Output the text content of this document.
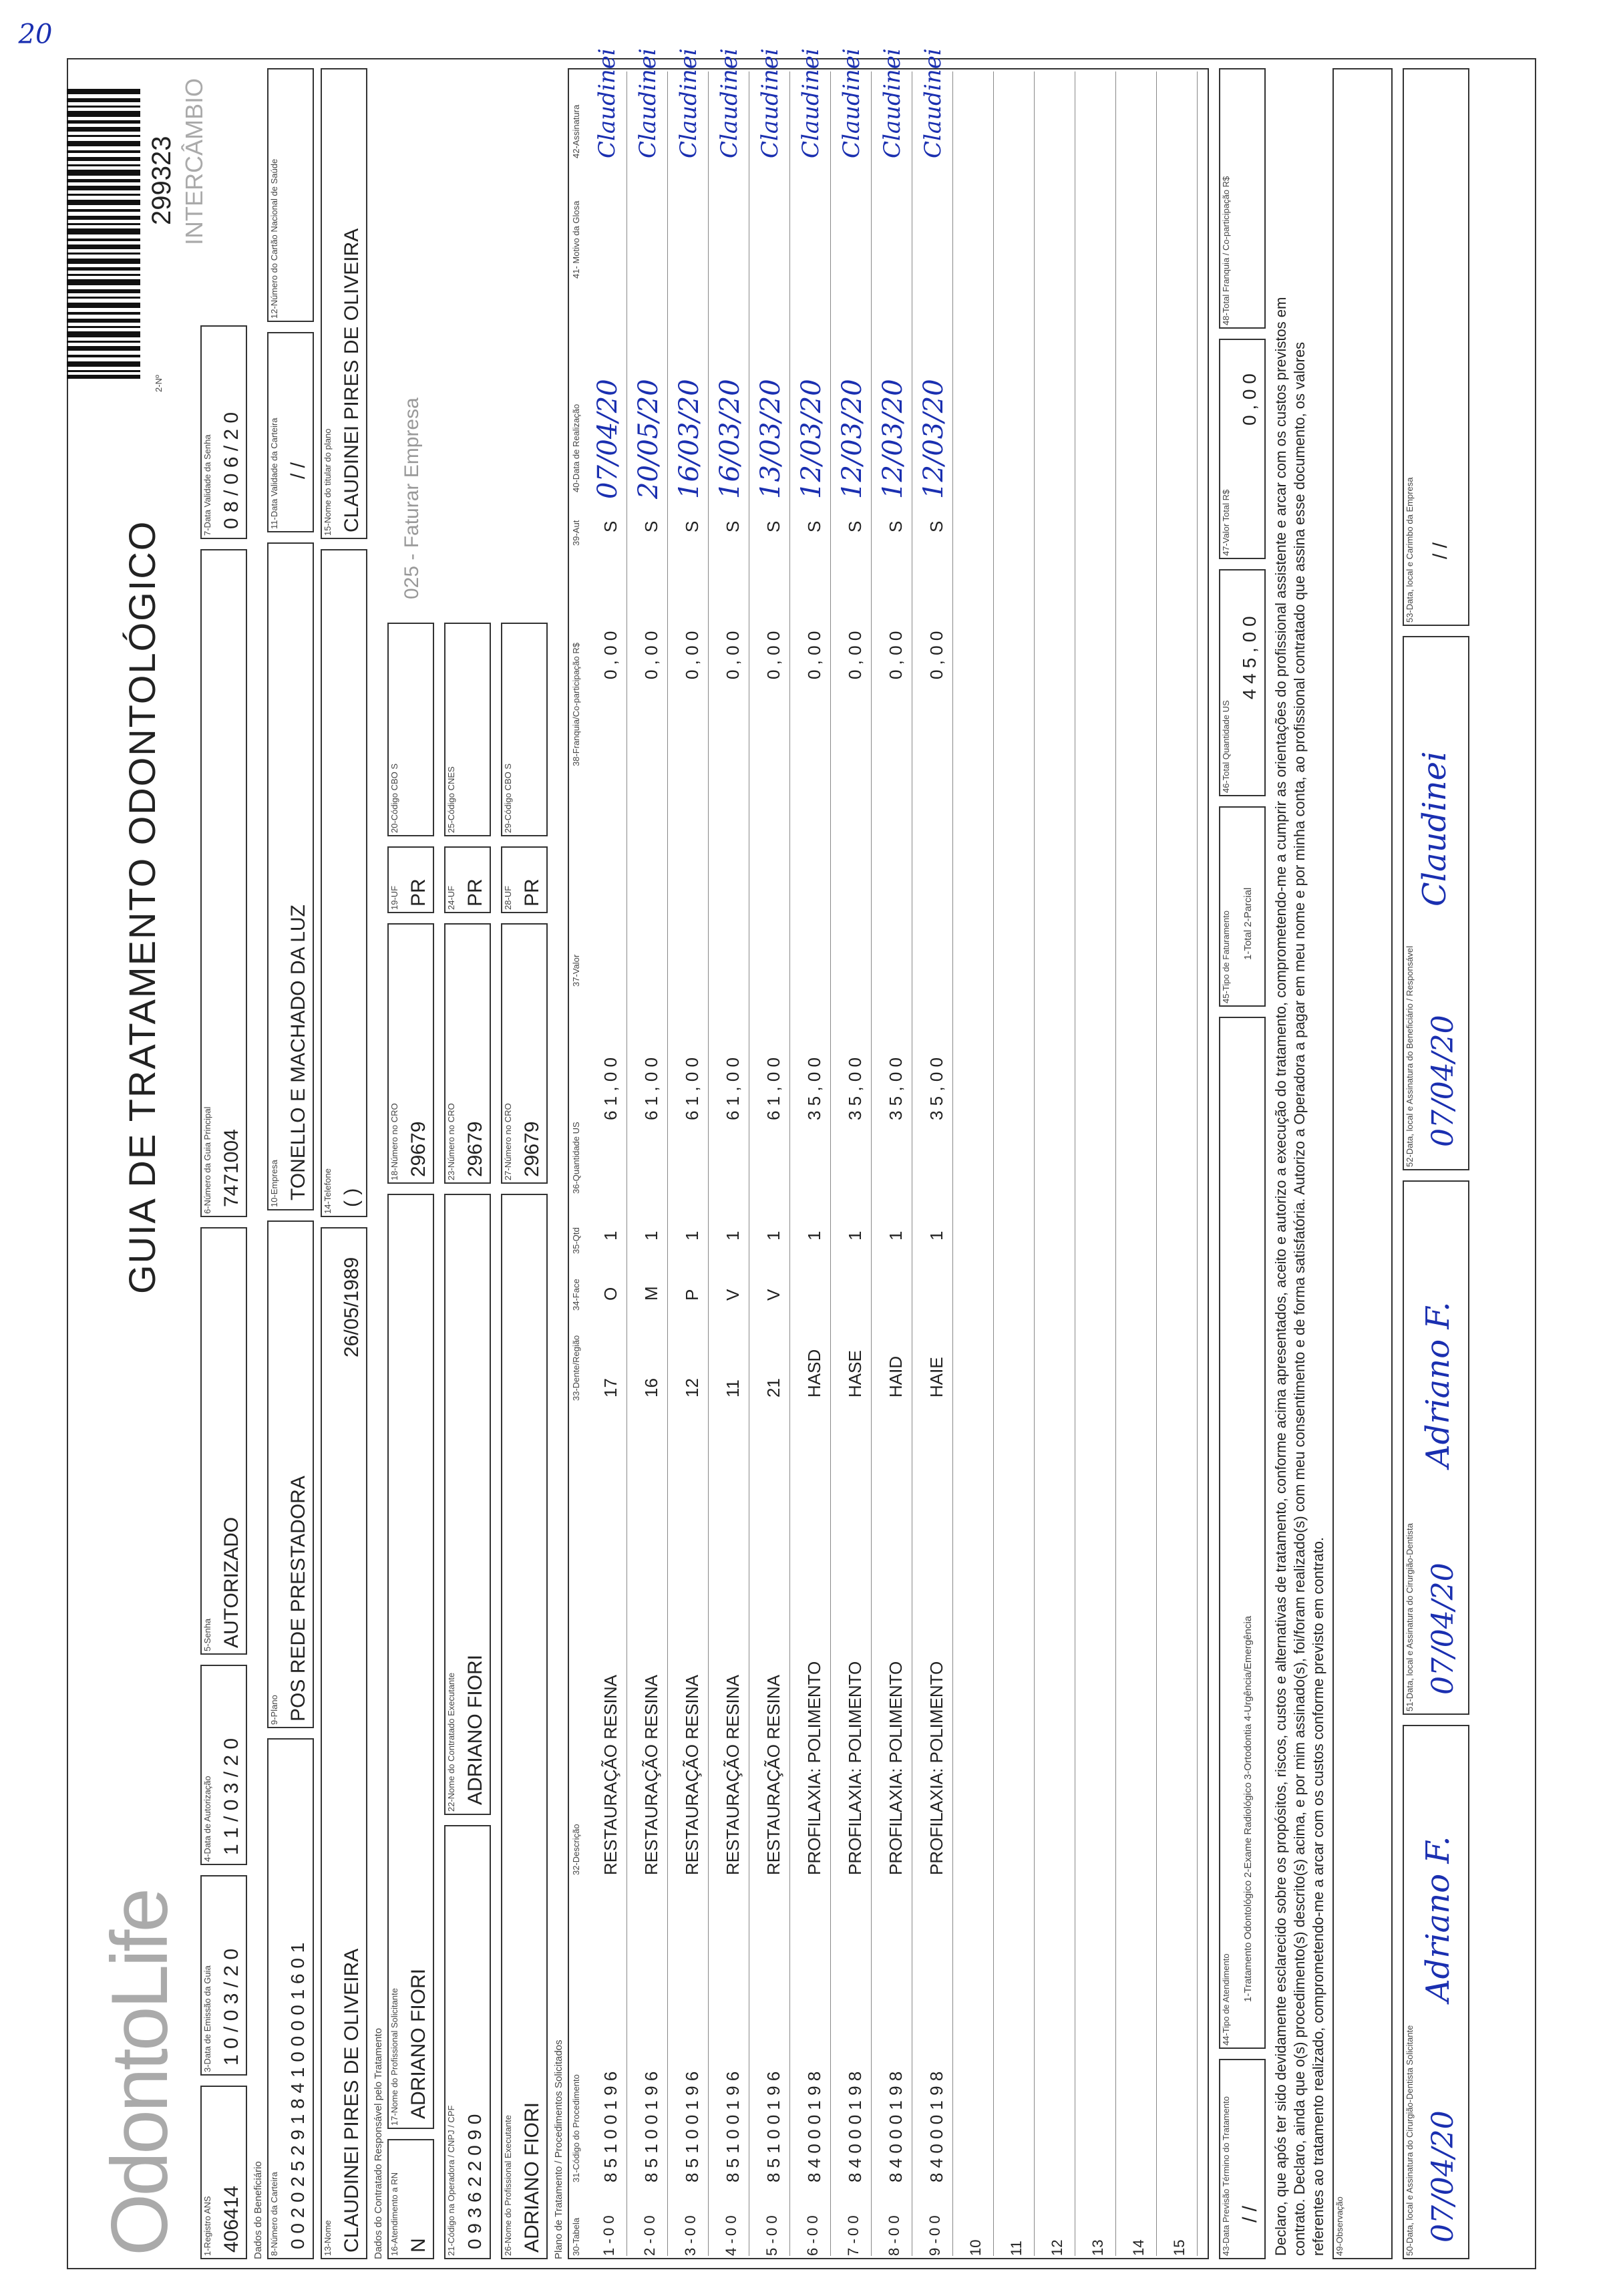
20
OdontoLife
GUIA DE TRATAMENTO ODONTOLÓGICO
2-Nº
299323 INTERCÂMBIO
1-Registro ANS 406414
3-Data de Emissão da Guia 1 0 / 0 3 / 2 0
4-Data de Autorização 1 1 / 0 3 / 2 0
5-Senha AUTORIZADO
6-Número da Guia Principal 7471004
7-Data Validade da Senha 0 8 / 0 6 / 2 0
Dados do Beneficiário 8-Número da Carteira 0 0 2 0 2 5 2 9 1 8 4 1 0 0 0 0 1 6 0 1
9-Plano POS REDE PRESTADORA
10-Empresa TONELLO E MACHADO DA LUZ
11-Data Validade da Carteira / /
12-Número do Cartão Nacional de Saúde
13-Nome CLAUDINEI PIRES DE OLIVEIRA
26/05/1989
14-Telefone ( )
15-Nome do titular do plano CLAUDINEI PIRES DE OLIVEIRA
Dados do Contratado Responsável pelo Tratamento 16-Atendimento a RN N
17-Nome do Profissional Solicitante ADRIANO FIORI
18-Número no CRO 29679
19-UF PR
20-Código CBO S
025 - Faturar Empresa
21-Código na Operadora / CNPJ / CPF 0 9 3 6 2 2 0 9 0
22-Nome do Contratado Executante ADRIANO FIORI
23-Número no CRO 29679
24-UF PR
25-Código CNES
26-Nome do Profissional Executante ADRIANO FIORI
27-Número no CRO 29679
28-UF PR
29-Código CBO S
Plano de Tratamento / Procedimentos Solicitados 30-Tabela
31-Código do Procedimento
32-Descrição
33-Dente/Região
34-Face
35-Qtd
36-Quantidade US
37-Valor
38-Franquia/Co-participação R$
39-Aut
40-Data de Realização
41- Motivo da Glosa
42-Assinatura
1 -
0 0
8 5 1 0 0 1 9 6
RESTAURAÇÃO RESINA
17
O
1
6 1 , 0 0
0 , 0 0
S
07/04/20
Claudinei
2 -
0 0
8 5 1 0 0 1 9 6
RESTAURAÇÃO RESINA
16
M
1
6 1 , 0 0
0 , 0 0
S
20/05/20
Claudinei
3 -
0 0
8 5 1 0 0 1 9 6
RESTAURAÇÃO RESINA
12
P
1
6 1 , 0 0
0 , 0 0
S
16/03/20
Claudinei
4 -
0 0
8 5 1 0 0 1 9 6
RESTAURAÇÃO RESINA
11
V
1
6 1 , 0 0
0 , 0 0
S
16/03/20
Claudinei
5 -
0 0
8 5 1 0 0 1 9 6
RESTAURAÇÃO RESINA
21
V
1
6 1 , 0 0
0 , 0 0
S
13/03/20
Claudinei
6 -
0 0
8 4 0 0 0 1 9 8
PROFILAXIA: POLIMENTO
HASD
1
3 5 , 0 0
0 , 0 0
S
12/03/20
Claudinei
7 -
0 0
8 4 0 0 0 1 9 8
PROFILAXIA: POLIMENTO
HASE
1
3 5 , 0 0
0 , 0 0
S
12/03/20
Claudinei
8 -
0 0
8 4 0 0 0 1 9 8
PROFILAXIA: POLIMENTO
HAID
1
3 5 , 0 0
0 , 0 0
S
12/03/20
Claudinei
9 -
0 0
8 4 0 0 0 1 9 8
PROFILAXIA: POLIMENTO
HAIE
1
3 5 , 0 0
0 , 0 0
S
12/03/20
Claudinei
10 11 12 13 14 15	43-Data Previsão Término do Tratamento / /
44-Tipo de Atendimento 1-Tratamento Odontológico 2-Exame Radiológico 3-Ortodontia 4-Urgência/Emergência
45-Tipo de Faturamento 1-Total 2-Parcial
46-Total Quantidade US
4 4 5 , 0 0
47-Valor Total R$
0 , 0 0
48-Total Franquia / Co-participação R$
Declaro, que após ter sido devidamente esclarecido sobre os propósitos, riscos, custos e alternativas de tratamento, conforme acima apresentados, aceito e autorizo a execução do tratamento, comprometendo-me a cumprir as orientações do profissional assistente e arcar com os custos previstos em contrato. Declaro, ainda que o(s) procedimento(s) descrito(s) acima, e por mim assinado(s), foi/foram realizado(s) com meu consentimento e de forma satisfatória. Autorizo a Operadora a pagar em meu nome e por minha conta, ao profissional contratado que assina esse documento, os valores referentes ao tratamento realizado, comprometendo-me a arcar com os custos conforme previsto em contrato. 49-Observação	50-Data, local e Assinatura do Cirurgião-Dentista Solicitante 07/04/20
Adriano F.
51-Data, local e Assinatura do Cirurgião-Dentista 07/04/20
Adriano F.
52-Data, local e Assinatura do Beneficiário / Responsável 07/04/20
Claudinei
53-Data, local e Carimbo da Empresa / /
